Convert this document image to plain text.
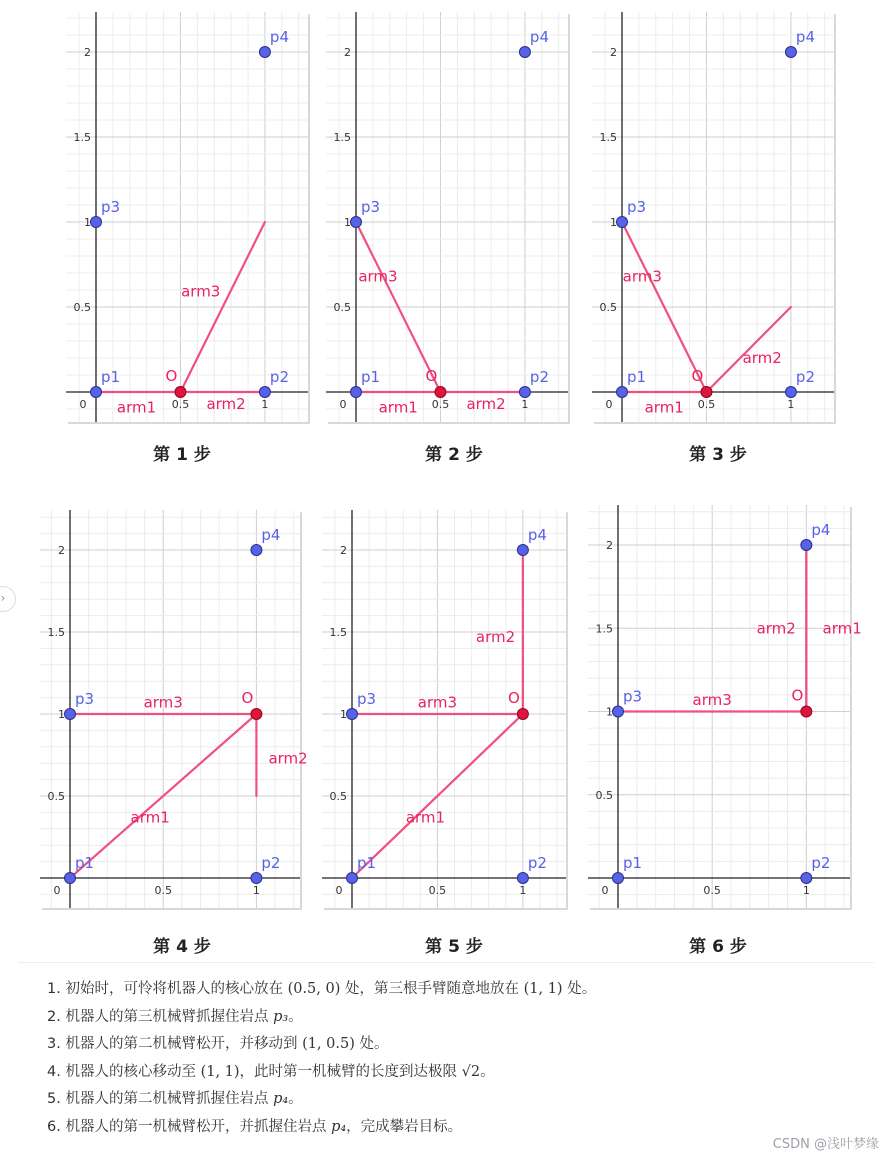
0	0.5	1
0.5
1
1.5
2
arm1	arm2
arm3
p1	p2
p3
p4
O
0	0.5	1
0.5
1
1.5
2
arm1	arm2
arm3
p1	p2
p3
p4
O
0	0.5	1
0.5
1
1.5
2
arm1
arm2
arm3
p1	p2
p3
p4
O
0	0.5	1
0.5
1
1.5
2
arm1
arm2
arm3
p1	p2
p3
p4
O
0	0.5	1
0.5
1
1.5
2
arm1
arm2
arm3
p1	p2
p3
p4
O
0	0.5	1
0.5
1
1.5
2
arm1
arm2
arm3
p1	p2
p3
p4
O
第 1 步	第 2 步	第 3 步
第 4 步	第 5 步	第 6 步
›
1. 初始时，可怜将机器人的核心放在 (0.5, 0) 处，第三根手臂随意地放在 (1, 1) 处。
2. 机器人的第三机械臂抓握住岩点 p₃。
3. 机器人的第二机械臂松开，并移动到 (1, 0.5) 处。
4. 机器人的核心移动至 (1, 1)，此时第一机械臂的长度到达极限 √2。
5. 机器人的第二机械臂抓握住岩点 p₄。
6. 机器人的第一机械臂松开，并抓握住岩点 p₄，完成攀岩目标。
CSDN @浅叶梦缘
